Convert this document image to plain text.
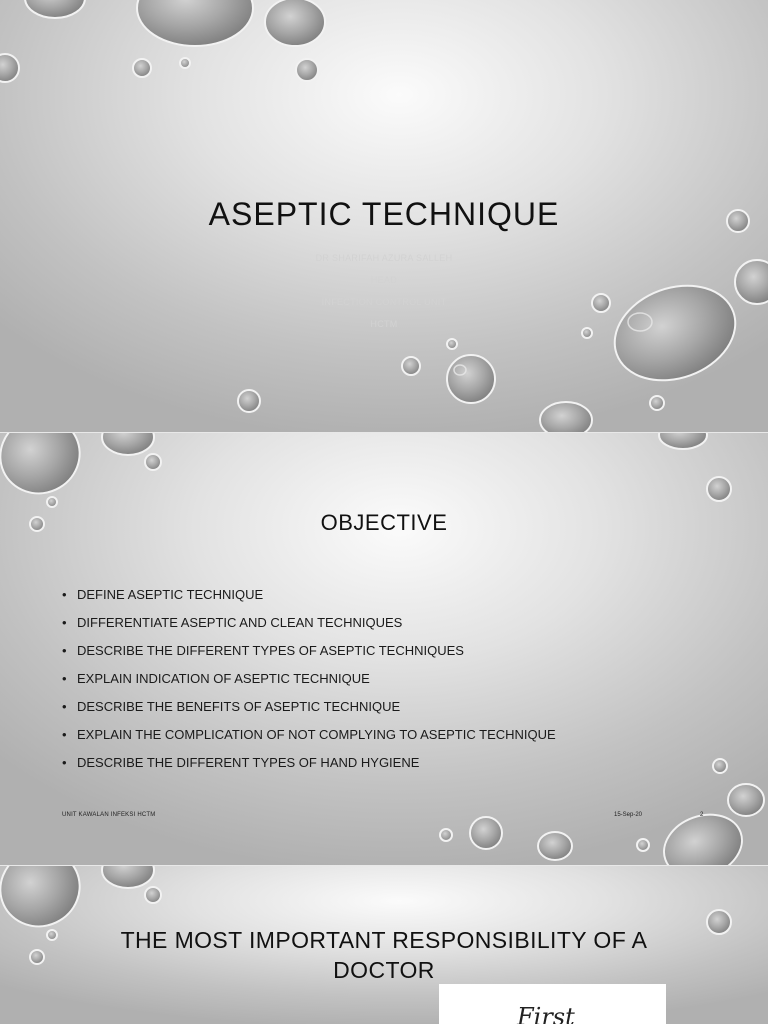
ASEPTIC TECHNIQUE
DR SHARIFAH AZURA SALLEH
HEAD
INFECTION CONTROL UNIT
HCTM
OBJECTIVE
• DEFINE ASEPTIC TECHNIQUE
• DIFFERENTIATE ASEPTIC AND CLEAN TECHNIQUES
• DESCRIBE THE DIFFERENT TYPES OF ASEPTIC TECHNIQUES
• EXPLAIN INDICATION OF ASEPTIC TECHNIQUE
• DESCRIBE THE BENEFITS OF ASEPTIC TECHNIQUE
• EXPLAIN THE COMPLICATION OF NOT COMPLYING TO ASEPTIC TECHNIQUE
• DESCRIBE THE DIFFERENT TYPES OF HAND HYGIENE
UNIT KAWALAN INFEKSI HCTM	15-Sep-20	2
THE MOST IMPORTANT RESPONSIBILITY OF A
DOCTOR
First
